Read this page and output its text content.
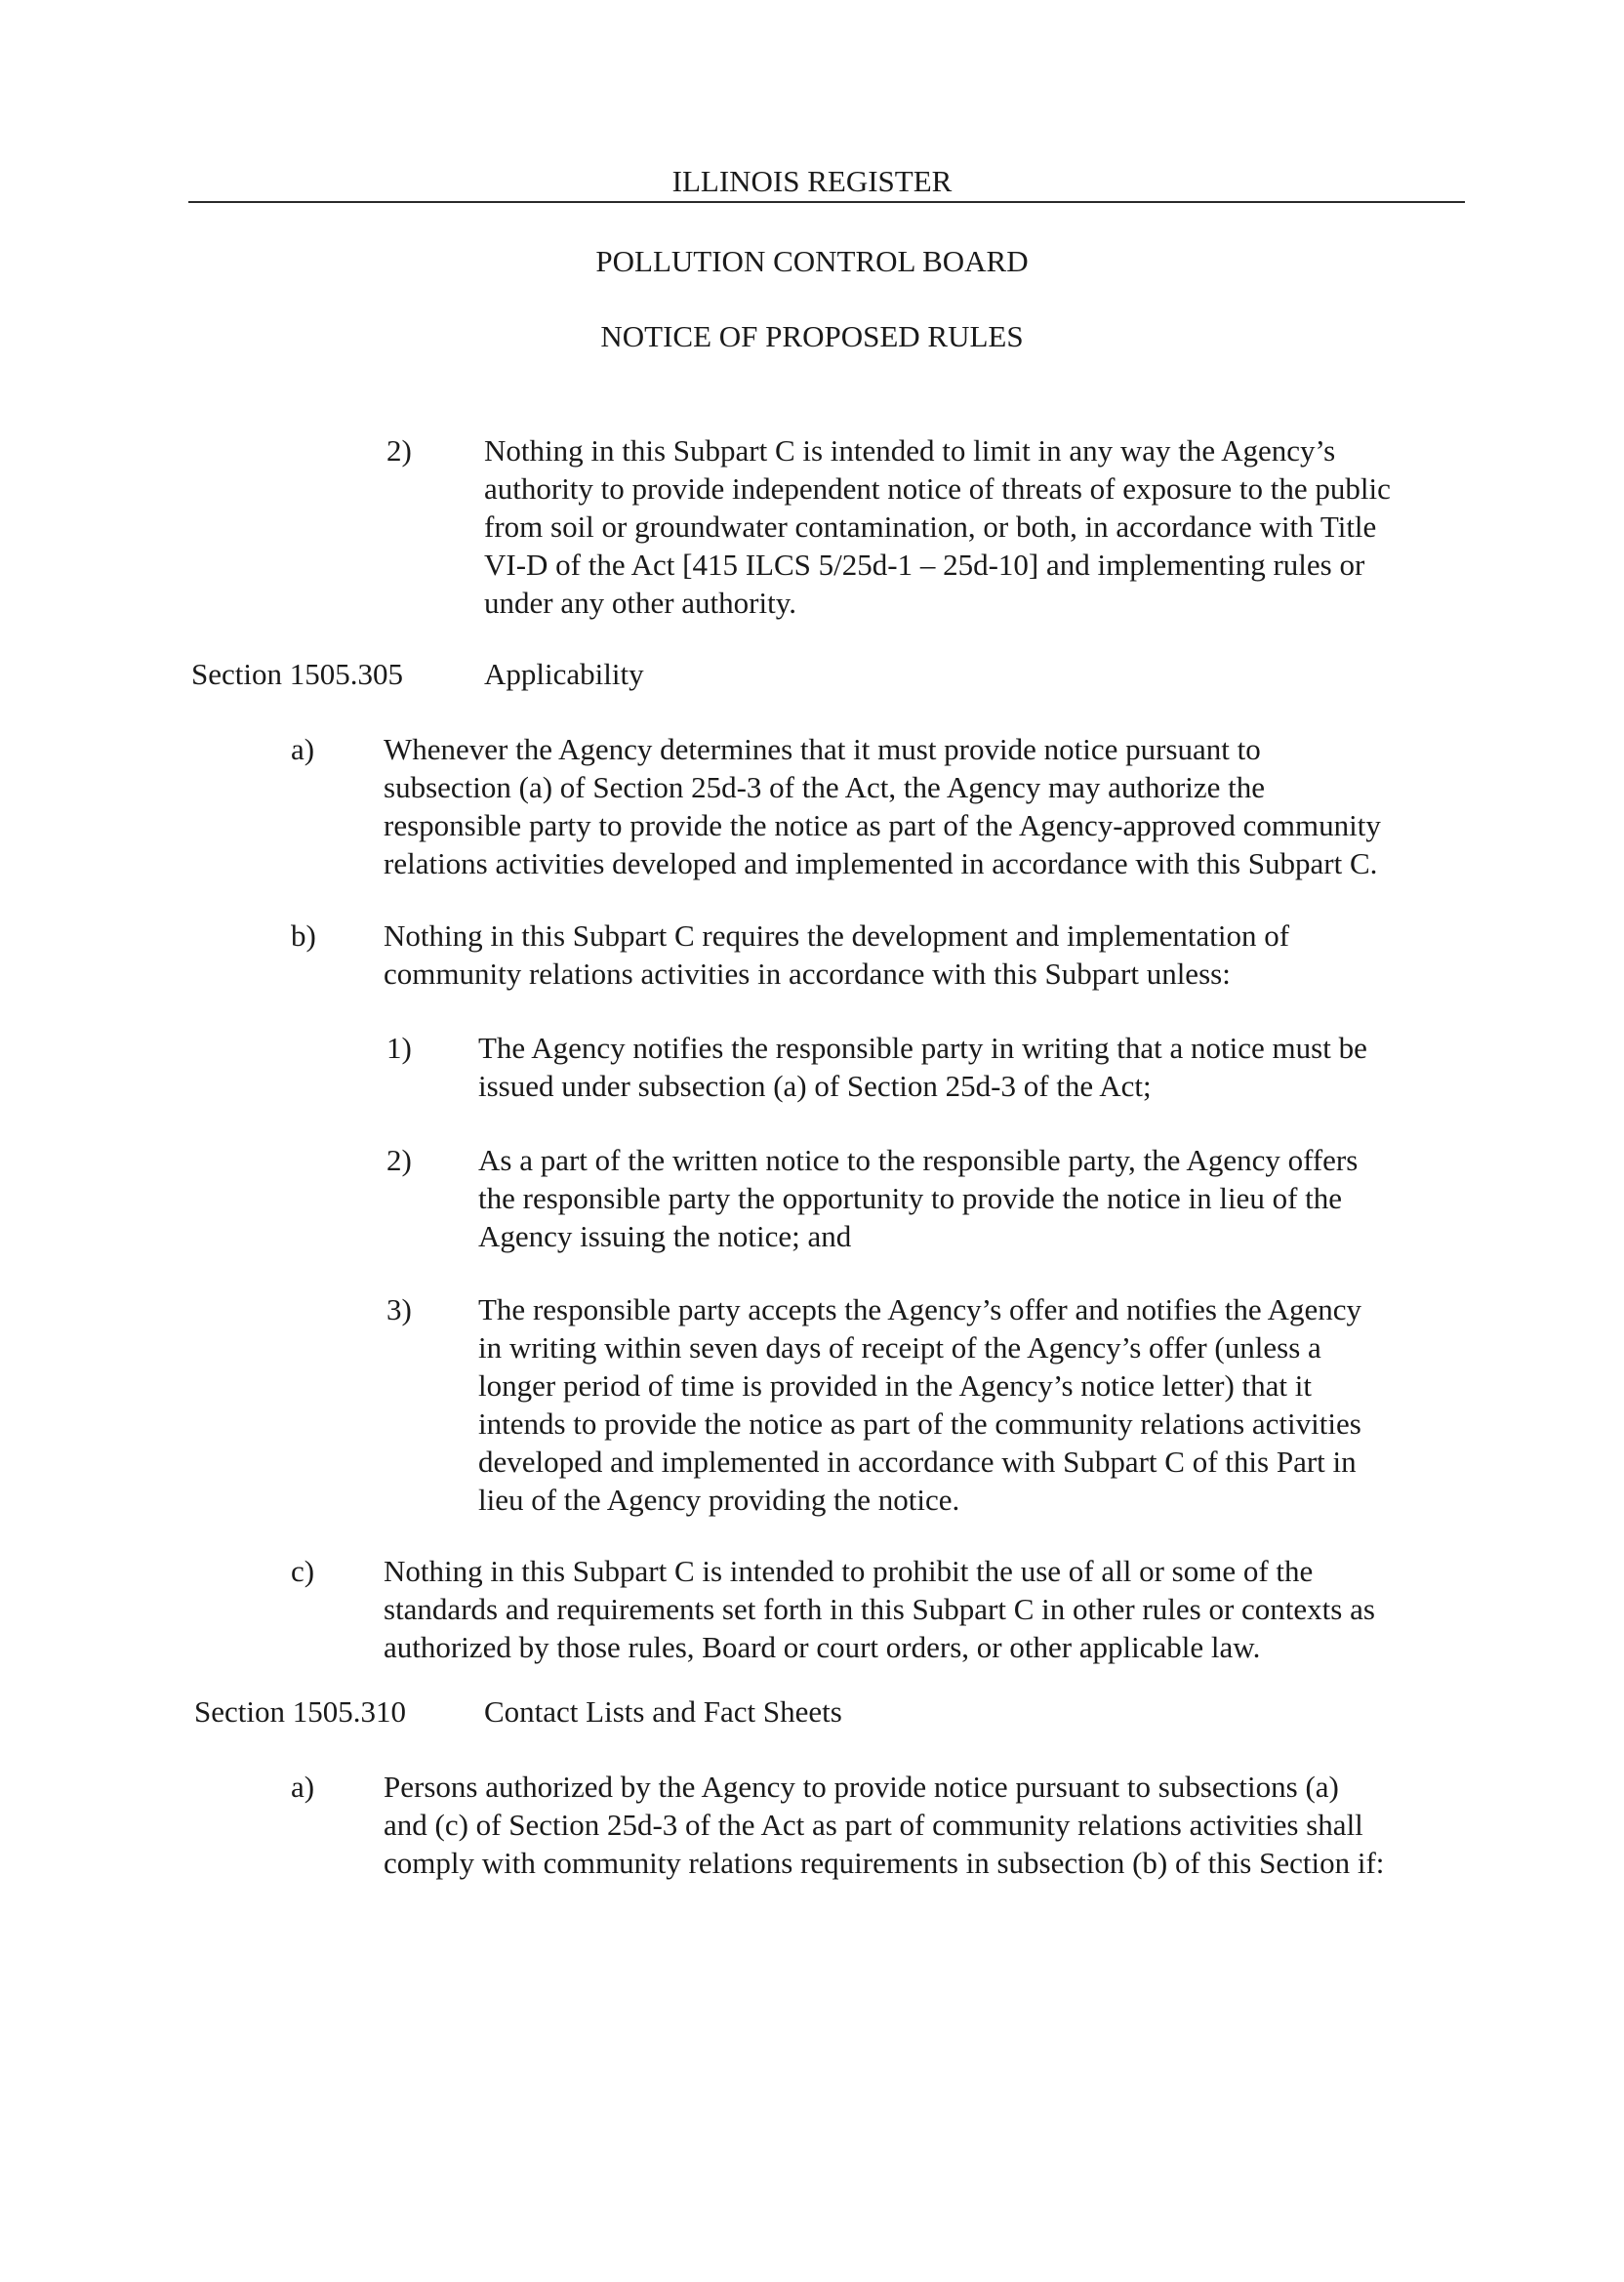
ILLINOIS REGISTER
POLLUTION CONTROL BOARD
NOTICE OF PROPOSED RULES
2) Nothing in this Subpart C is intended to limit in any way the Agency’s
authority to provide independent notice of threats of exposure to the public
from soil or groundwater contamination, or both, in accordance with Title
VI-D of the Act [415 ILCS 5/25d-1 – 25d-10] and implementing rules or
under any other authority.
Section 1505.305	Applicability
a) Whenever the Agency determines that it must provide notice pursuant to
subsection (a) of Section 25d-3 of the Act, the Agency may authorize the
responsible party to provide the notice as part of the Agency-approved community
relations activities developed and implemented in accordance with this Subpart C.
b) Nothing in this Subpart C requires the development and implementation of
community relations activities in accordance with this Subpart unless:
1) The Agency notifies the responsible party in writing that a notice must be
issued under subsection (a) of Section 25d-3 of the Act;
2) As a part of the written notice to the responsible party, the Agency offers
the responsible party the opportunity to provide the notice in lieu of the
Agency issuing the notice; and
3) The responsible party accepts the Agency’s offer and notifies the Agency
in writing within seven days of receipt of the Agency’s offer (unless a
longer period of time is provided in the Agency’s notice letter) that it
intends to provide the notice as part of the community relations activities
developed and implemented in accordance with Subpart C of this Part in
lieu of the Agency providing the notice.
c) Nothing in this Subpart C is intended to prohibit the use of all or some of the
standards and requirements set forth in this Subpart C in other rules or contexts as
authorized by those rules, Board or court orders, or other applicable law.
Section 1505.310	Contact Lists and Fact Sheets
a) Persons authorized by the Agency to provide notice pursuant to subsections (a)
and (c) of Section 25d-3 of the Act as part of community relations activities shall
comply with community relations requirements in subsection (b) of this Section if:
